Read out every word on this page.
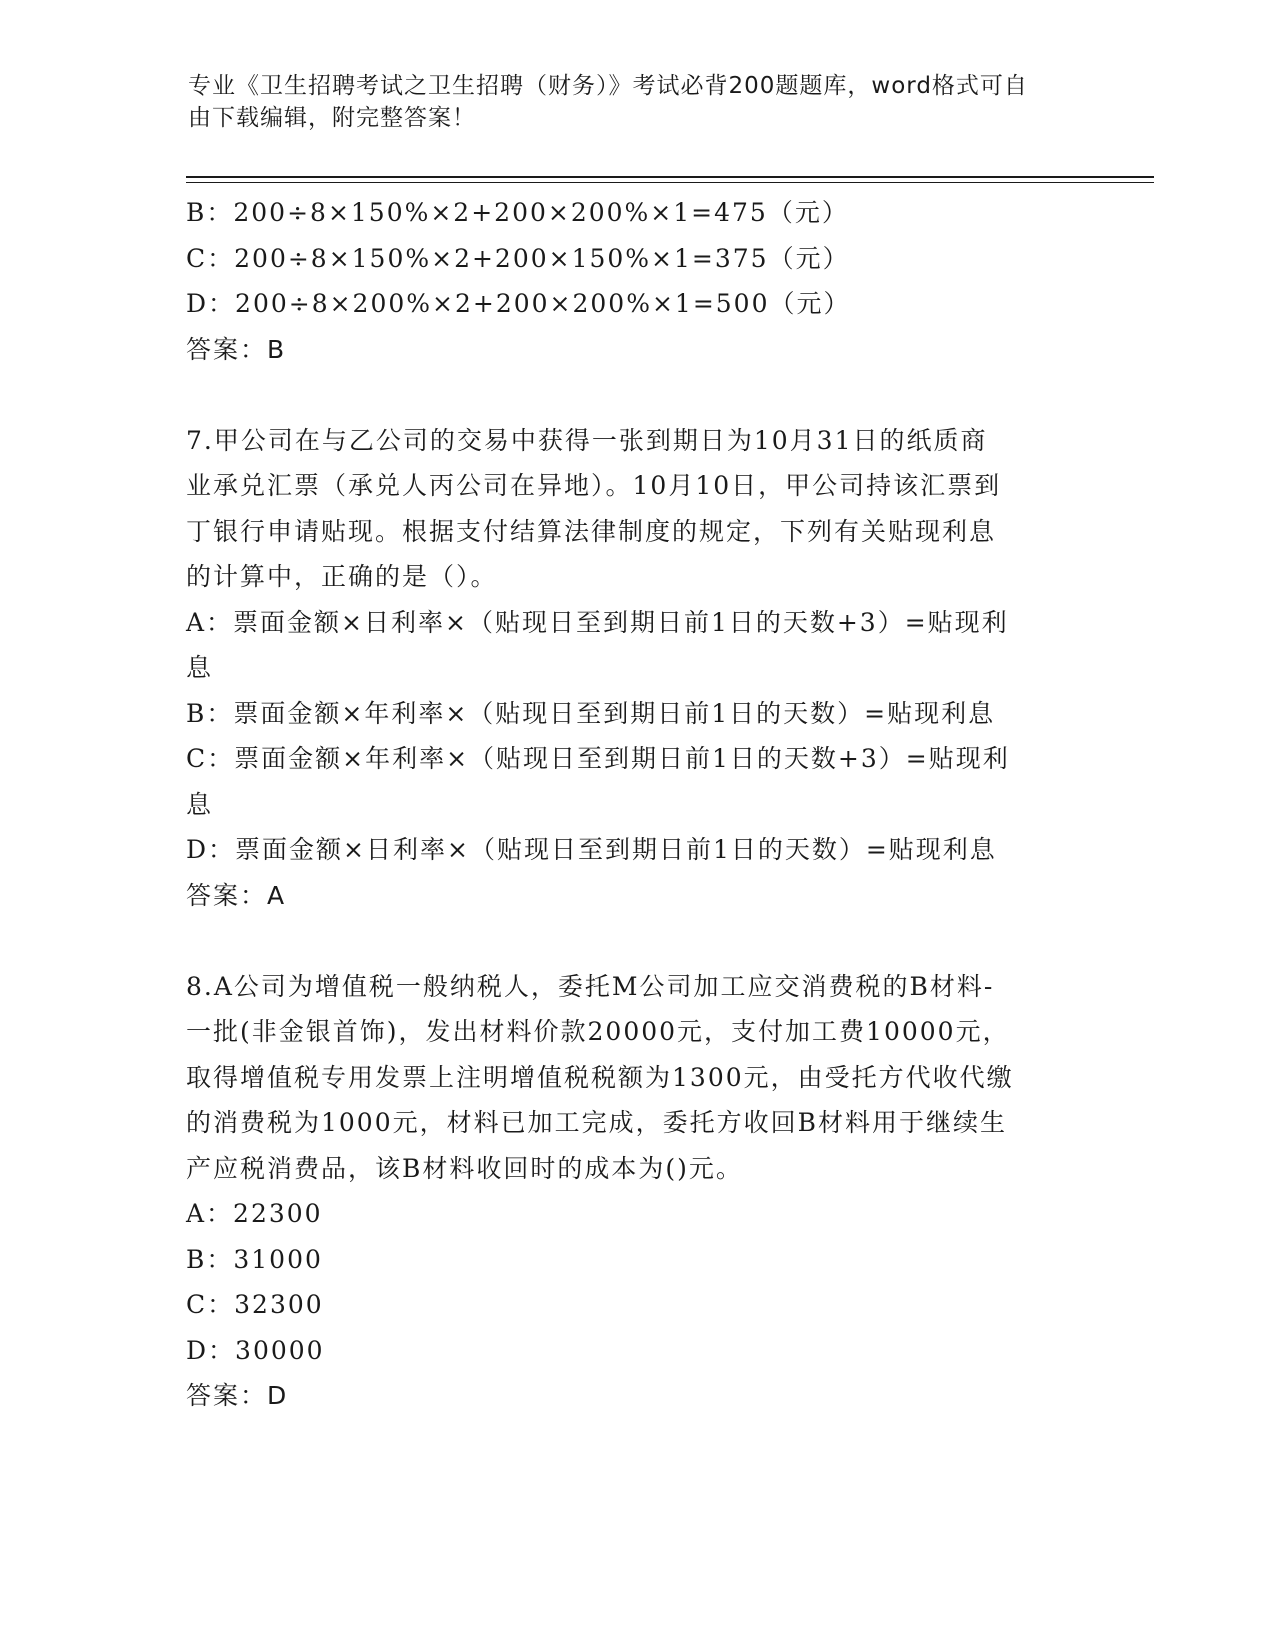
专业《卫生招聘考试之卫生招聘（财务）》考试必背200题题库，word格式可自
由下载编辑，附完整答案！
B：200÷8×150%×2+200×200%×1=475（元）
C：200÷8×150%×2+200×150%×1=375（元）
D：200÷8×200%×2+200×200%×1=500（元）
答案：B
7.甲公司在与乙公司的交易中获得一张到期日为10月31日的纸质商
业承兑汇票（承兑人丙公司在异地）。10月10日，甲公司持该汇票到
丁银行申请贴现。根据支付结算法律制度的规定，下列有关贴现利息
的计算中，正确的是（）。
A：票面金额×日利率×（贴现日至到期日前1日的天数+3）=贴现利
息
B：票面金额×年利率×（贴现日至到期日前1日的天数）=贴现利息
C：票面金额×年利率×（贴现日至到期日前1日的天数+3）=贴现利
息
D：票面金额×日利率×（贴现日至到期日前1日的天数）=贴现利息
答案：A
8.A公司为增值税一般纳税人，委托M公司加工应交消费税的B材料-
一批(非金银首饰)，发出材料价款20000元，支付加工费10000元，
取得增值税专用发票上注明增值税税额为1300元，由受托方代收代缴
的消费税为1000元，材料已加工完成，委托方收回B材料用于继续生
产应税消费品，该B材料收回时的成本为()元。
A：22300
B：31000
C：32300
D：30000
答案：D
